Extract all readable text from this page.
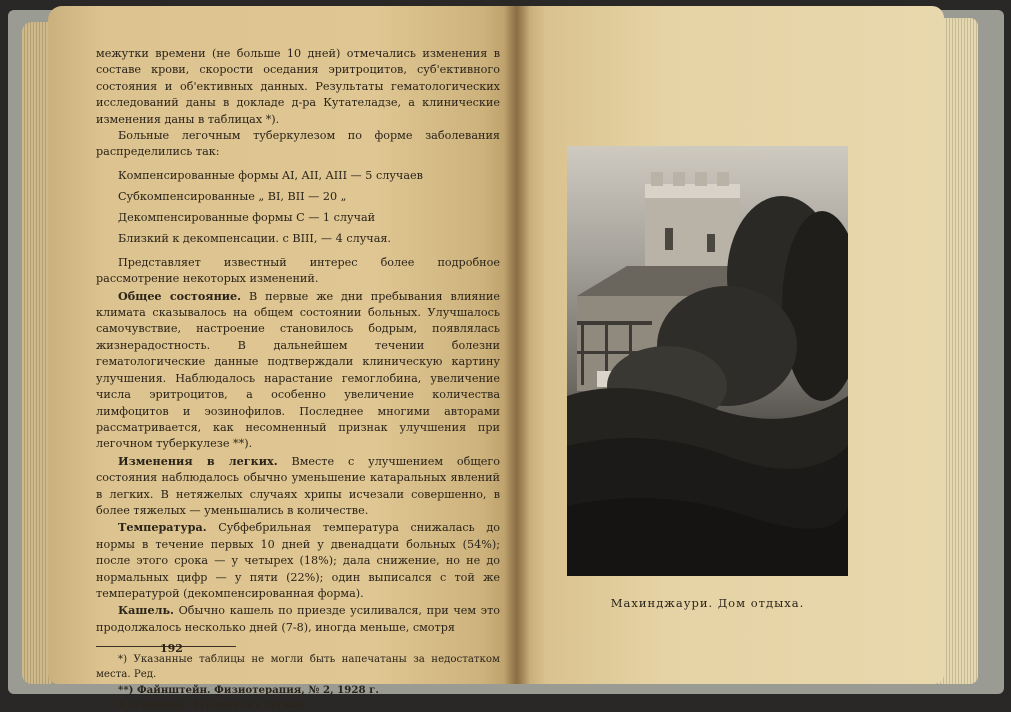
межутки времени (не больше 10 дней) отмечались изменения в составе крови, скорости оседания эритроцитов, суб'ективного состояния и об'ективных данных. Результаты гематологических исследований даны в докладе д-ра Кутателадзе, а клинические изменения даны в таблицах *).

Больные легочным туберкулезом по форме заболевания распределились так:

Компенсированные формы AI, AII, AIII — 5 случаев
Субкомпенсированные „ BI, BII — 20 „
Декомпенсированные формы C — 1 случай
Близкий к декомпенсации. с BIII, — 4 случая.

Представляет известный интерес более подробное рассмотрение некоторых изменений.

Общее состояние. В первые же дни пребывания влияние климата сказывалось на общем состоянии больных. Улучшалось самочувствие, настроение становилось бодрым, появлялась жизнерадостность. В дальнейшем течении болезни гематологические данные подтверждали клиническую картину улучшения. Наблюдалось нарастание гемоглобина, увеличение числа эритроцитов, а особенно увеличение количества лимфоцитов и эозинофилов. Последнее многими авторами рассматривается, как несомненный признак улучшения при легочном туберкулезе **).

Изменения в легких. Вместе с улучшением общего состояния наблюдалось обычно уменьшение катаральных явлений в легких. В нетяжелых случаях хрипы исчезали совершенно, в более тяжелых — уменьшались в количестве.

Температура. Субфебрильная температура снижалась до нормы в течение первых 10 дней у двенадцати больных (54%); после этого срока — у четырех (18%); дала снижение, но не до нормальных цифр — у пяти (22%); один выписался с той же температурой (декомпенсированная форма).

Кашель. Обычно кашель по приезде усиливался, при чем это продолжалось несколько дней (7-8), иногда меньше, смотря

*) Указанные таблицы не могли быть напечатаны за недостатком места. Ред.

**) Файнштейн. Физиотерапия, № 2, 1928 г.

Клемперер. Туберкулез легких.

192
Махинджаури. Дом отдыха.
